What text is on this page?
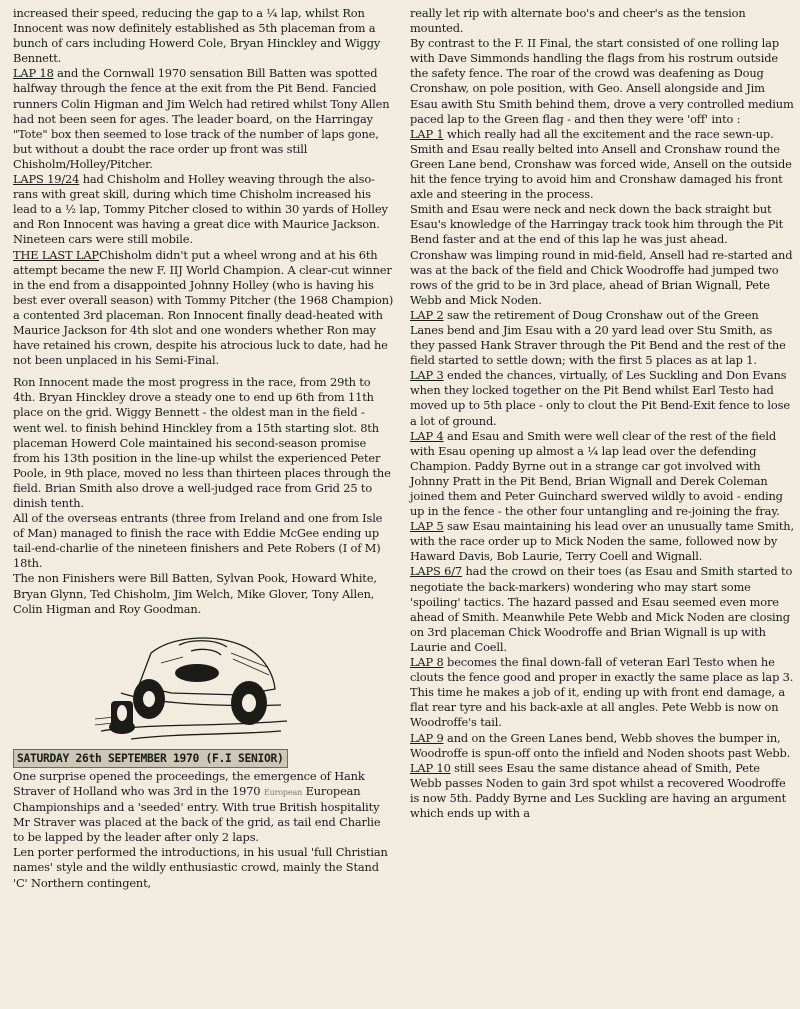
increased their speed, reducing the gap to a ¼ lap, whilst Ron Innocent was now definitely established as 5th placeman from a bunch of cars including Howerd Cole, Bryan Hinckley and Wiggy Bennett.

LAP 18 and the Cornwall 1970 sensation Bill Batten was spotted halfway through the fence at the exit from the Pit Bend. Fancied runners Colin Higman and Jim Welch had retired whilst Tony Allen had not been seen for ages. The leader board, on the Harringay "Tote" box then seemed to lose track of the number of laps gone, but without a doubt the race order up front was still Chisholm/Holley/Pitcher.

LAPS 19/24 had Chisholm and Holley weaving through the also-rans with great skill, during which time Chisholm increased his lead to a ½ lap, Tommy Pitcher closed to within 30 yards of Holley and Ron Innocent was having a great dice with Maurice Jackson. Nineteen cars were still mobile.

THE LAST LAPChisholm didn't put a wheel wrong and at his 6th attempt became the new F. IIJ World Champion. A clear-cut winner in the end from a disappointed Johnny Holley (who is having his best ever overall season) with Tommy Pitcher (the 1968 Champion) a contented 3rd placeman. Ron Innocent finally dead-heated with Maurice Jackson for 4th slot and one wonders whether Ron may have retained his crown, despite his atrocious luck to date, had he not been unplaced in his Semi-Final.

Ron Innocent made the most progress in the race, from 29th to 4th. Bryan Hinckley drove a steady one to end up 6th from 11th place on the grid. Wiggy Bennett - the oldest man in the field - went wel. to finish behind Hinckley from a 15th starting slot. 8th placeman Howerd Cole maintained his second-season promise from his 13th position in the line-up whilst the experienced Peter Poole, in 9th place, moved no less than thirteen places through the field. Brian Smith also drove a well-judged race from Grid 25 to dinish tenth.

All of the overseas entrants (three from Ireland and one from Isle of Man) managed to finish the race with Eddie McGee ending up tail-end-charlie of the nineteen finishers and Pete Robers (I of M) 18th.

The non Finishers were Bill Batten, Sylvan Pook, Howard White, Bryan Glynn, Ted Chisholm, Jim Welch, Mike Glover, Tony Allen, Colin Higman and Roy Goodman.

SATURDAY 26th SEPTEMBER 1970 (F.I SENIOR)

One surprise opened the proceedings, the emergence of Hank Straver of Holland who was 3rd in the 1970 European European Championships and a 'seeded' entry. With true British hospitality Mr Straver was placed at the back of the grid, as tail end Charlie to be lapped by the leader after only 2 laps.

Len porter performed the introductions, in his usual 'full Christian names' style and the wildly enthusiastic crowd, mainly the Stand 'C' Northern contingent,

really let rip with alternate boo's and cheer's as the tension mounted.

By contrast to the F. II Final, the start consisted of one rolling lap with Dave Simmonds handling the flags from his rostrum outside the safety fence. The roar of the crowd was deafening as Doug Cronshaw, on pole position, with Geo. Ansell alongside and Jim Esau awith Stu Smith behind them, drove a very controlled medium paced lap to the Green flag - and then they were 'off' into :

LAP 1 which really had all the excitement and the race sewn-up. Smith and Esau really belted into Ansell and Cronshaw round the Green Lane bend, Cronshaw was forced wide, Ansell on the outside hit the fence trying to avoid him and Cronshaw damaged his front axle and steering in the process.

Smith and Esau were neck and neck down the back straight but Esau's knowledge of the Harringay track took him through the Pit Bend faster and at the end of this lap he was just ahead.

Cronshaw was limping round in mid-field, Ansell had re-started and was at the back of the field and Chick Woodroffe had jumped two rows of the grid to be in 3rd place, ahead of Brian Wignall, Pete Webb and Mick Noden.

LAP 2 saw the retirement of Doug Cronshaw out of the Green Lanes bend and Jim Esau with a 20 yard lead over Stu Smith, as they passed Hank Straver through the Pit Bend and the rest of the field started to settle down; with the first 5 places as at lap 1.

LAP 3 ended the chances, virtually, of Les Suckling and Don Evans when they locked together on the Pit Bend whilst Earl Testo had moved up to 5th place - only to clout the Pit Bend-Exit fence to lose a lot of ground.

LAP 4 and Esau and Smith were well clear of the rest of the field with Esau opening up almost a ¼ lap lead over the defending Champion. Paddy Byrne out in a strange car got involved with Johnny Pratt in the Pit Bend, Brian Wignall and Derek Coleman joined them and Peter Guinchard swerved wildly to avoid - ending up in the fence - the other four untangling and re-joining the fray.

LAP 5 saw Esau maintaining his lead over an unusually tame Smith, with the race order up to Mick Noden the same, followed now by Haward Davis, Bob Laurie, Terry Coell and Wignall.

LAPS 6/7 had the crowd on their toes (as Esau and Smith started to negotiate the back-markers) wondering who may start some 'spoiling' tactics. The hazard passed and Esau seemed even more ahead of Smith. Meanwhile Pete Webb and Mick Noden are closing on 3rd placeman Chick Woodroffe and Brian Wignall is up with Laurie and Coell.

LAP 8 becomes the final down-fall of veteran Earl Testo when he clouts the fence good and proper in exactly the same place as lap 3. This time he makes a job of it, ending up with front end damage, a flat rear tyre and his back-axle at all angles. Pete Webb is now on Woodroffe's tail.

LAP 9 and on the Green Lanes bend, Webb shoves the bumper in, Woodroffe is spun-off onto the infield and Noden shoots past Webb.

LAP 10 still sees Esau the same distance ahead of Smith, Pete Webb passes Noden to gain 3rd spot whilst a recovered Woodroffe is now 5th. Paddy Byrne and Les Suckling are having an argument which ends up with a
